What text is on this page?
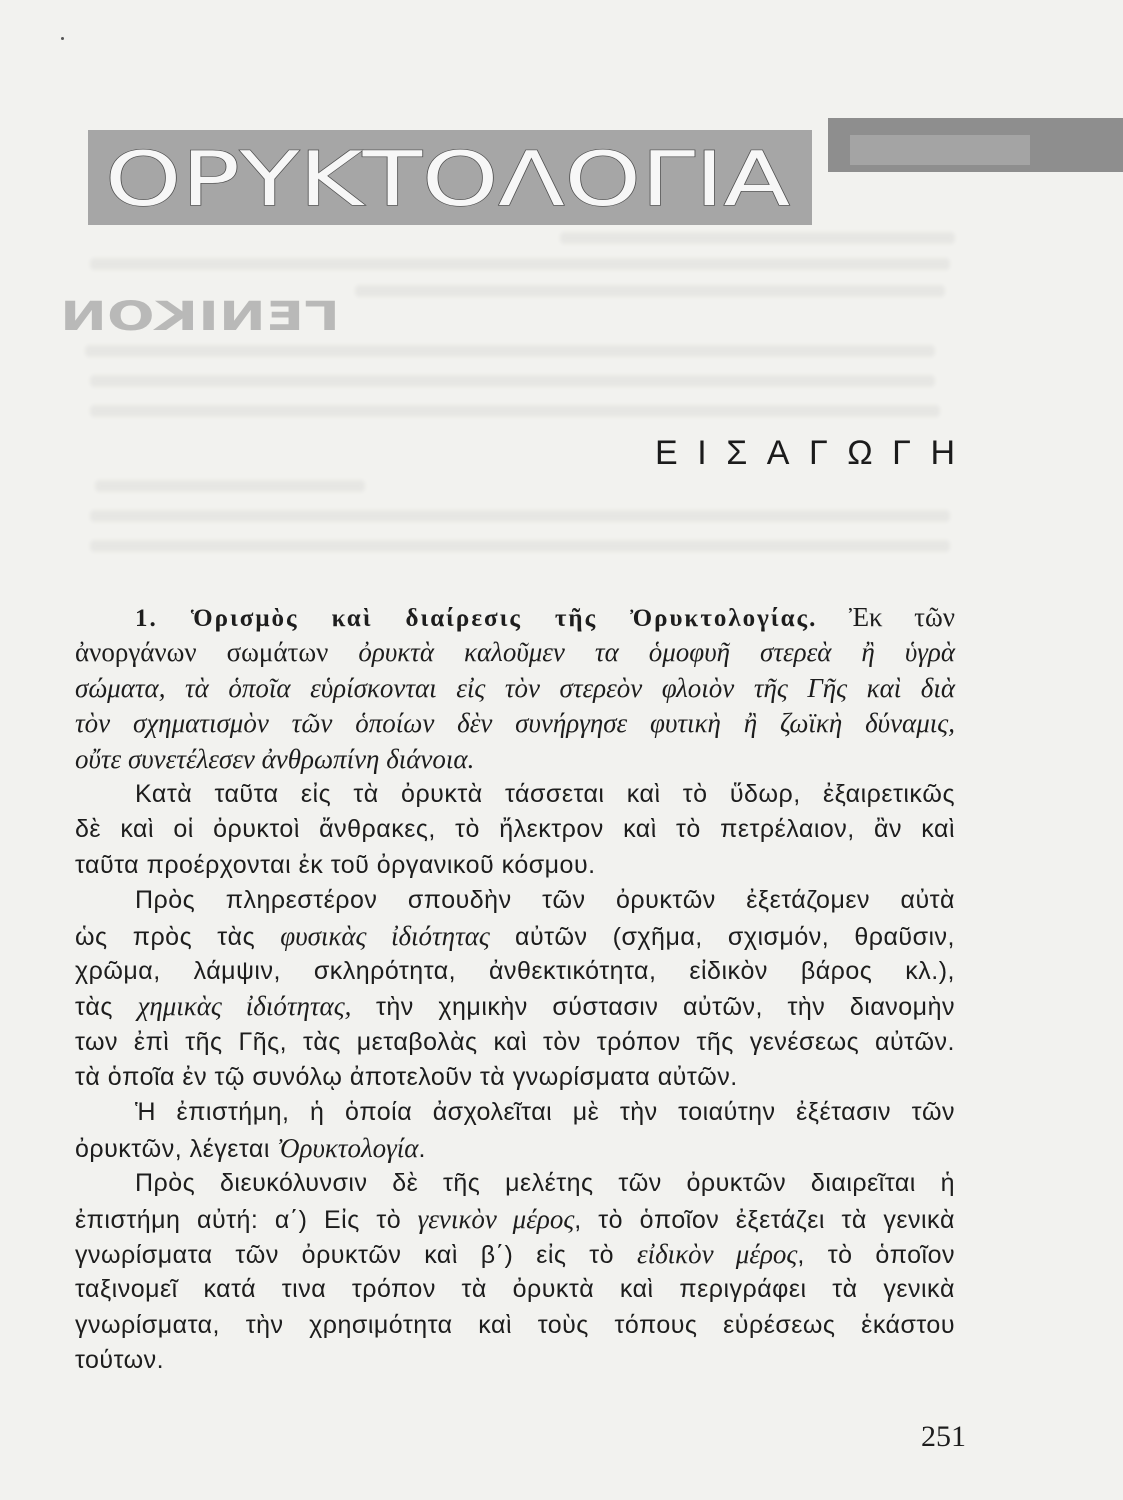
ΟΡΥΚΤΟΛΟΓΙΑ
ΓΕΝΙΚΟΝ
ΕΙΣΑΓΩΓΗ
1. Ὁρισμὸς καὶ διαίρεσις τῆς Ὀρυκτολογίας. Ἐκ τῶν
ἀνοργάνων σωμάτων ὀρυκτὰ καλοῦμεν τα ὁμοφυῆ στερεὰ ἢ ὑγρὰ
σώματα, τὰ ὁποῖα εὑρίσκονται εἰς τὸν στερεὸν φλοιὸν τῆς Γῆς καὶ διὰ
τὸν σχηματισμὸν τῶν ὁποίων δὲν συνήργησε φυτικὴ ἢ ζωϊκὴ δύναμις,
οὔτε συνετέλεσεν ἀνθρωπίνη διάνοια.
Κατὰ ταῦτα εἰς τὰ ὀρυκτὰ τάσσεται καὶ τὸ ὕδωρ, ἐξαιρετικῶς
δὲ καὶ οἱ ὀρυκτοὶ ἄνθρακες, τὸ ἤλεκτρον καὶ τὸ πετρέλαιον, ἂν καὶ
ταῦτα προέρχονται ἐκ τοῦ ὀργανικοῦ κόσμου.
Πρὸς πληρεστέρον σπουδὴν τῶν ὀρυκτῶν ἐξετάζομεν αὐτὰ
ὡς πρὸς τὰς φυσικὰς ἰδιότητας αὐτῶν (σχῆμα, σχισμόν, θραῦσιν,
χρῶμα, λάμψιν, σκληρότητα, ἀνθεκτικότητα, εἰδικὸν βάρος κλ.),
τὰς χημικὰς ἰδιότητας, τὴν χημικὴν σύστασιν αὐτῶν, τὴν διανομὴν
των ἐπὶ τῆς Γῆς, τὰς μεταβολὰς καὶ τὸν τρόπον τῆς γενέσεως αὐτῶν.
τὰ ὁποῖα ἐν τῷ συνόλῳ ἀποτελοῦν τὰ γνωρίσματα αὐτῶν.
Ἡ ἐπιστήμη, ἡ ὁποία ἀσχολεῖται μὲ τὴν τοιαύτην ἐξέτασιν τῶν
ὀρυκτῶν, λέγεται Ὀρυκτολογία.
Πρὸς διευκόλυνσιν δὲ τῆς μελέτης τῶν ὀρυκτῶν διαιρεῖται ἡ
ἐπιστήμη αὐτή: α΄) Εἰς τὸ γενικὸν μέρος, τὸ ὁποῖον ἐξετάζει τὰ γενικὰ
γνωρίσματα τῶν ὀρυκτῶν καὶ β΄) εἰς τὸ εἰδικὸν μέρος, τὸ ὁποῖον
ταξινομεῖ κατά τινα τρόπον τὰ ὀρυκτὰ καὶ περιγράφει τὰ γενικὰ
γνωρίσματα, τὴν χρησιμότητα καὶ τοὺς τόπους εὑρέσεως ἑκάστου
τούτων.
251
